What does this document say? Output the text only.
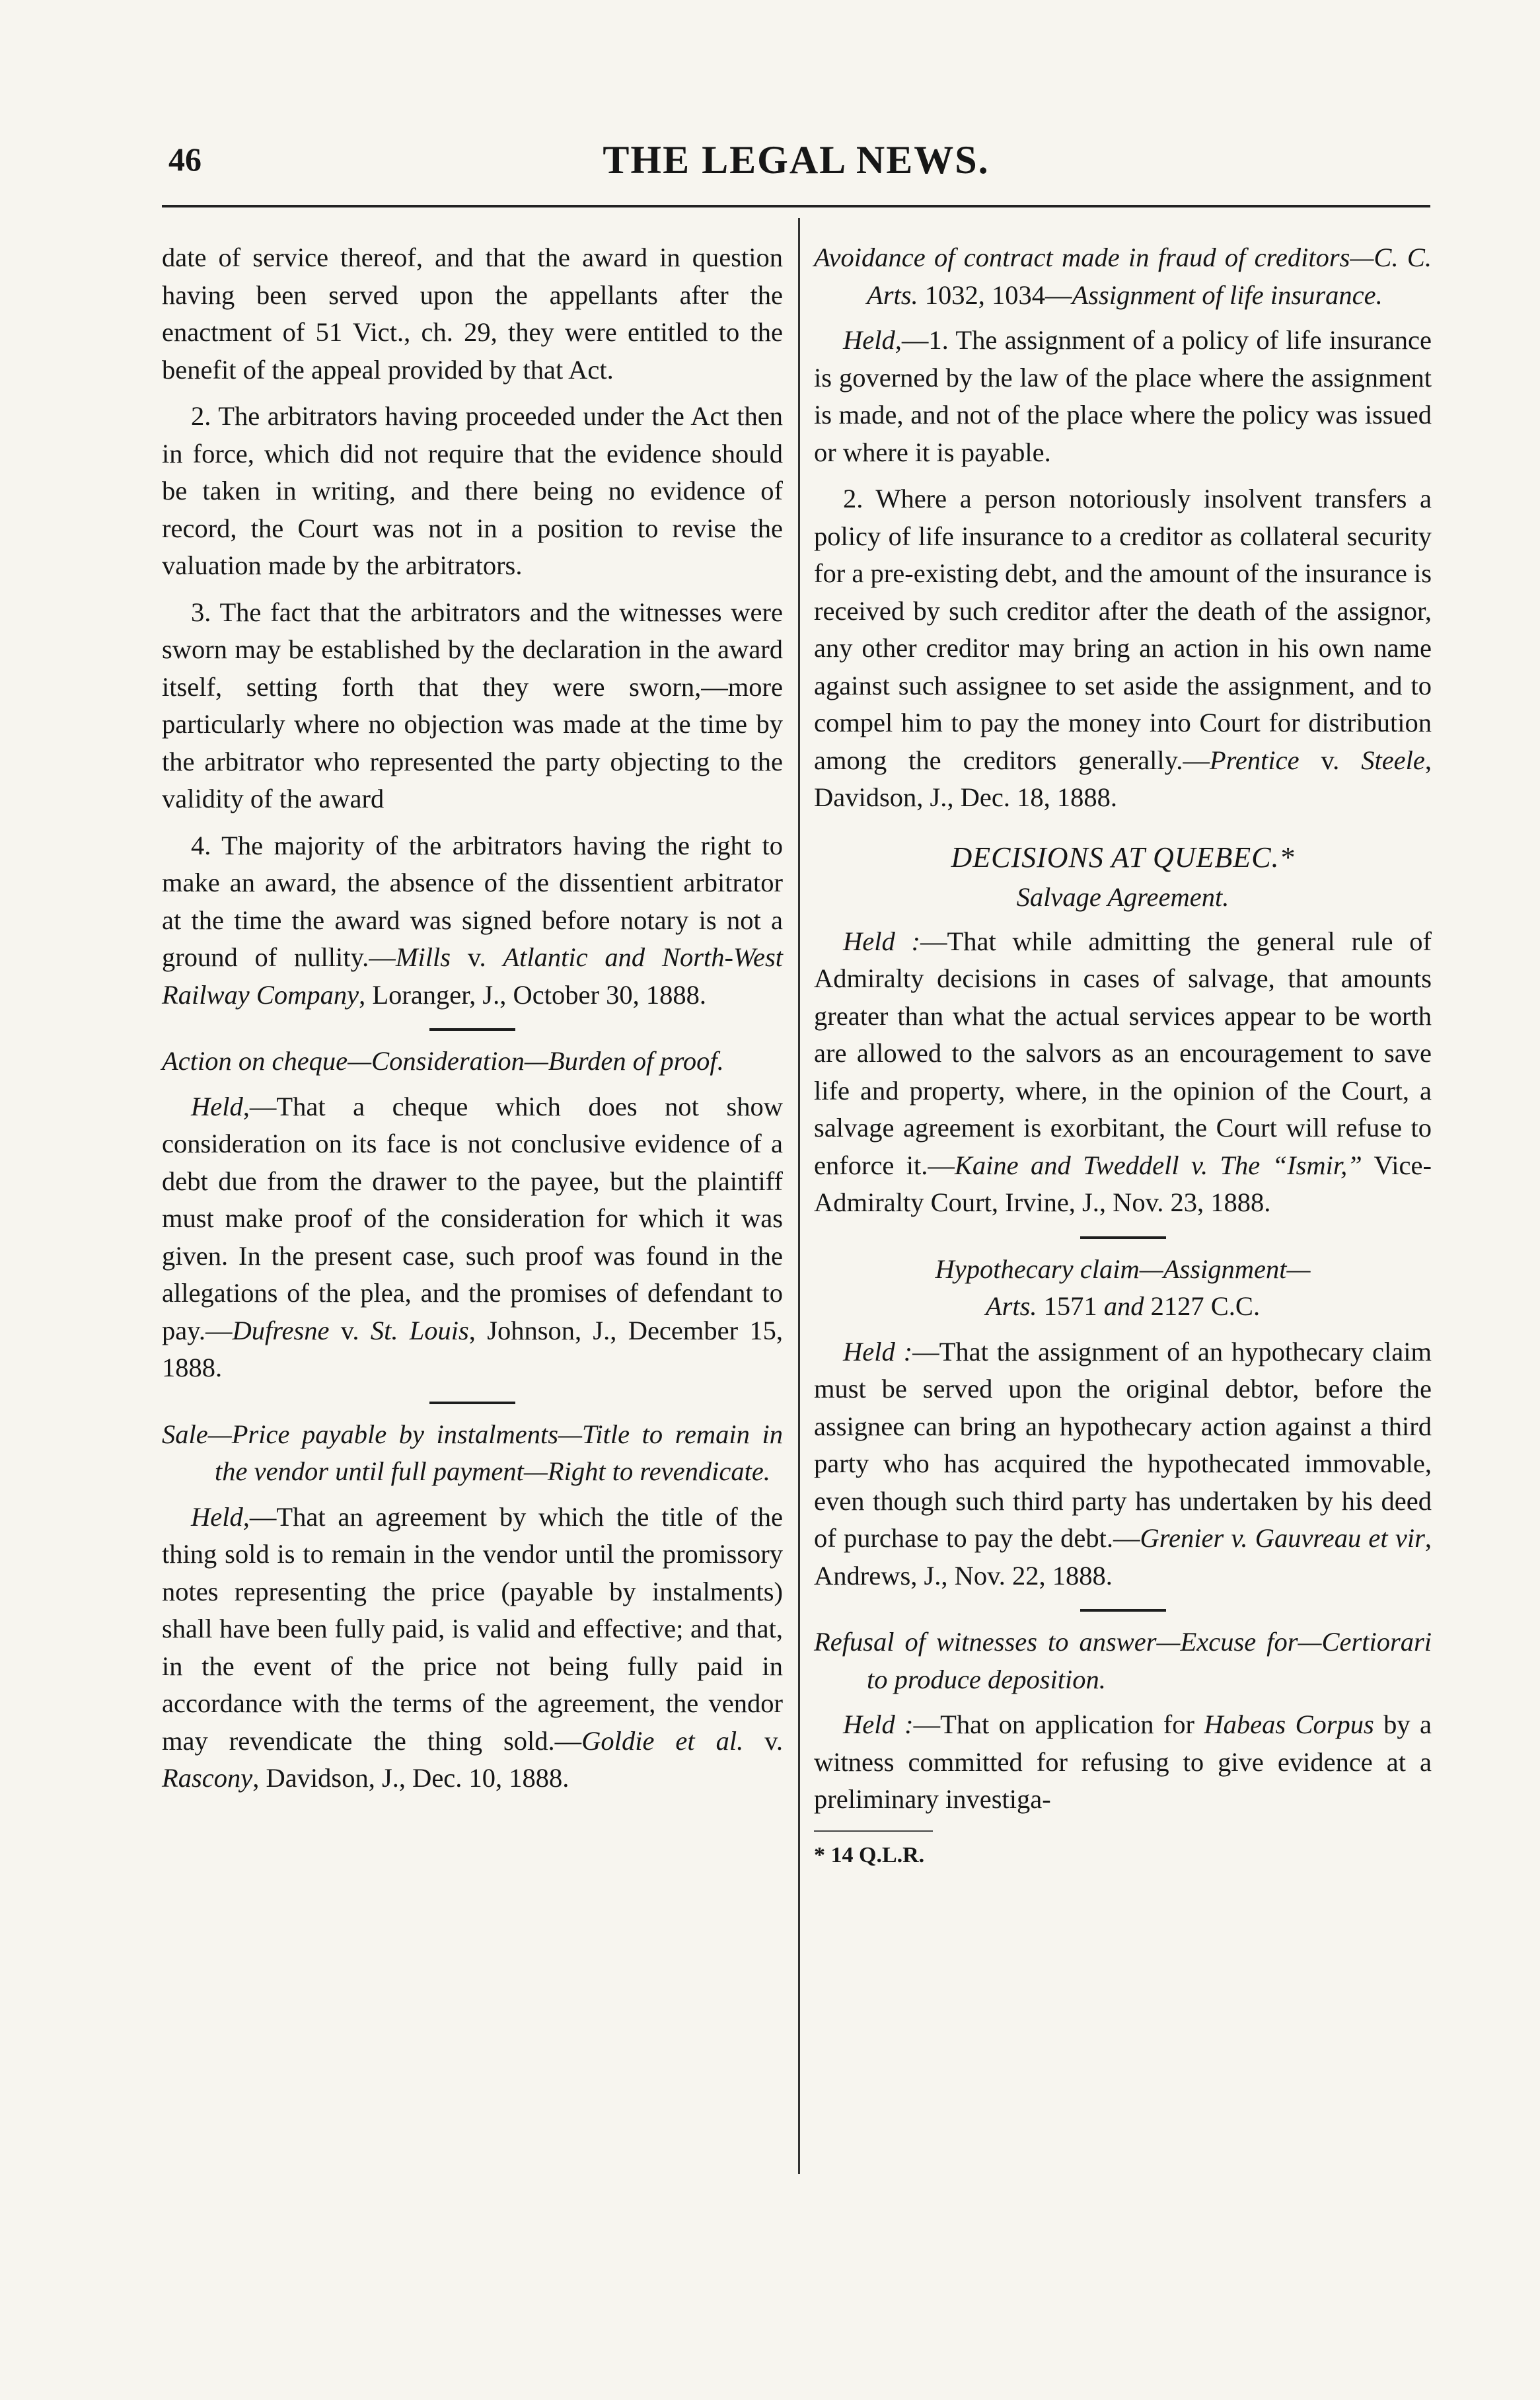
46	THE LEGAL NEWS.

date of service thereof, and that the award in question having been served upon the appellants after the enactment of 51 Vict., ch. 29, they were entitled to the benefit of the appeal provided by that Act.

2. The arbitrators having proceeded under the Act then in force, which did not require that the evidence should be taken in writing, and there being no evidence of record, the Court was not in a position to revise the valuation made by the arbitrators.

3. The fact that the arbitrators and the witnesses were sworn may be established by the declaration in the award itself, setting forth that they were sworn,—more particularly where no objection was made at the time by the arbitrator who represented the party objecting to the validity of the award

4. The majority of the arbitrators having the right to make an award, the absence of the dissentient arbitrator at the time the award was signed before notary is not a ground of nullity.—Mills v. Atlantic and North-West Railway Company, Loranger, J., October 30, 1888.

Action on cheque—Consideration—Burden of proof.

Held,—That a cheque which does not show consideration on its face is not conclusive evidence of a debt due from the drawer to the payee, but the plaintiff must make proof of the consideration for which it was given. In the present case, such proof was found in the allegations of the plea, and the promises of defendant to pay.—Dufresne v. St. Louis, Johnson, J., December 15, 1888.

Sale—Price payable by instalments—Title to remain in the vendor until full payment—Right to revendicate.

Held,—That an agreement by which the title of the thing sold is to remain in the vendor until the promissory notes representing the price (payable by instalments) shall have been fully paid, is valid and effective; and that, in the event of the price not being fully paid in accordance with the terms of the agreement, the vendor may revendicate the thing sold.—Goldie et al. v. Rascony, Davidson, J., Dec. 10, 1888.

Avoidance of contract made in fraud of creditors—C. C. Arts. 1032, 1034—Assignment of life insurance.

Held,—1. The assignment of a policy of life insurance is governed by the law of the place where the assignment is made, and not of the place where the policy was issued or where it is payable.

2. Where a person notoriously insolvent transfers a policy of life insurance to a creditor as collateral security for a pre-existing debt, and the amount of the insurance is received by such creditor after the death of the assignor, any other creditor may bring an action in his own name against such assignee to set aside the assignment, and to compel him to pay the money into Court for distribution among the creditors generally.—Prentice v. Steele, Davidson, J., Dec. 18, 1888.

DECISIONS AT QUEBEC.*
Salvage Agreement.

Held :—That while admitting the general rule of Admiralty decisions in cases of salvage, that amounts greater than what the actual services appear to be worth are allowed to the salvors as an encouragement to save life and property, where, in the opinion of the Court, a salvage agreement is exorbitant, the Court will refuse to enforce it.—Kaine and Tweddell v. The “Ismir,” Vice-Admiralty Court, Irvine, J., Nov. 23, 1888.

Hypothecary claim—Assignment—
Arts. 1571 and 2127 C.C.

Held :—That the assignment of an hypothecary claim must be served upon the original debtor, before the assignee can bring an hypothecary action against a third party who has acquired the hypothecated immovable, even though such third party has undertaken by his deed of purchase to pay the debt.—Grenier v. Gauvreau et vir, Andrews, J., Nov. 22, 1888.

Refusal of witnesses to answer—Excuse for—Certiorari to produce deposition.

Held :—That on application for Habeas Corpus by a witness committed for refusing to give evidence at a preliminary investiga-

* 14 Q.L.R.
